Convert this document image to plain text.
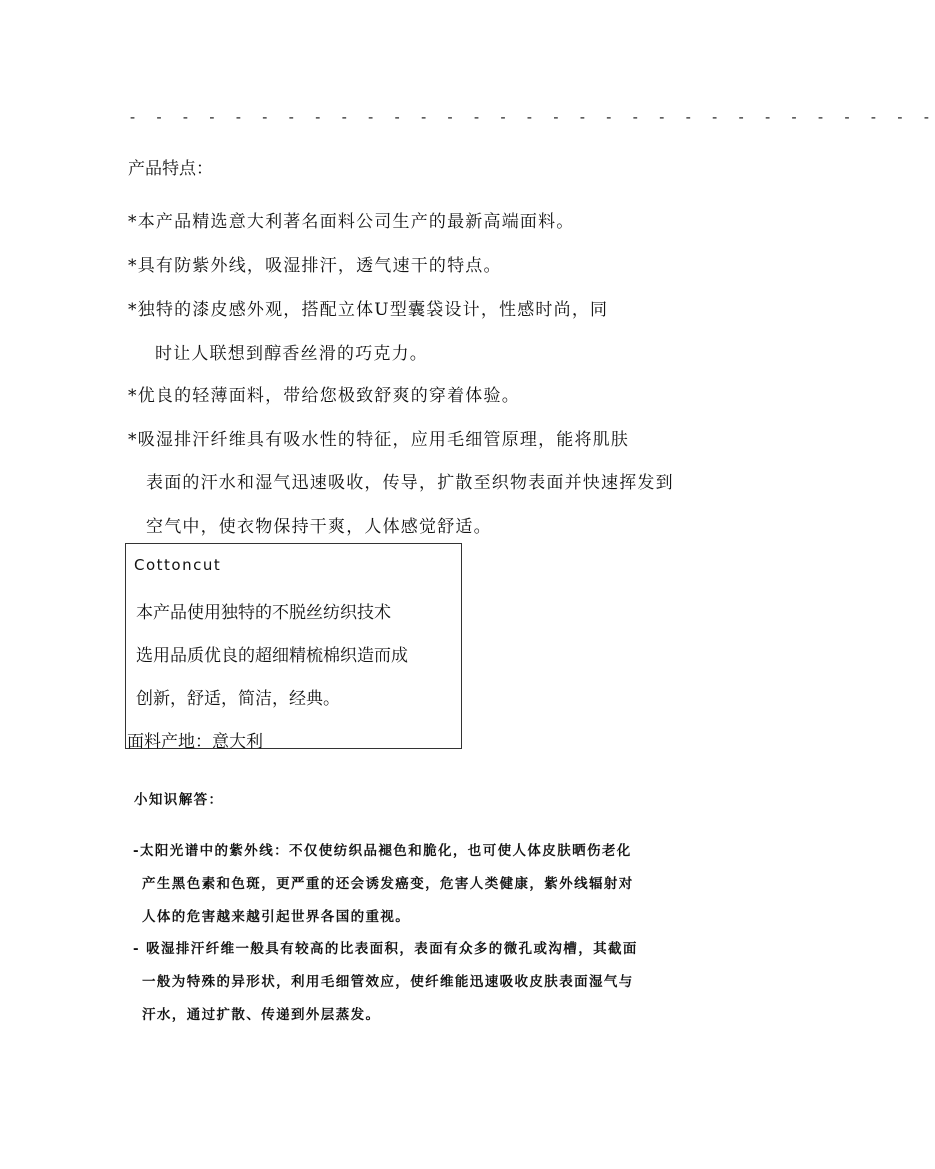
- - - - - - - - - - - - - - - - - - - - - - - - - - - - - - -
产品特点：
*本产品精选意大利著名面料公司生产的最新高端面料。
*具有防紫外线，吸湿排汗，透气速干的特点。
*独特的漆皮感外观，搭配立体U型囊袋设计，性感时尚，同
时让人联想到醇香丝滑的巧克力。
*优良的轻薄面料，带给您极致舒爽的穿着体验。
*吸湿排汗纤维具有吸水性的特征，应用毛细管原理，能将肌肤
表面的汗水和湿气迅速吸收，传导，扩散至织物表面并快速挥发到
空气中，使衣物保持干爽，人体感觉舒适。
Cottoncut
本产品使用独特的不脱丝纺织技术
选用品质优良的超细精梳棉织造而成
创新，舒适，简洁，经典。
面料产地：意大利
小知识解答：
-太阳光谱中的紫外线：不仅使纺织品褪色和脆化，也可使人体皮肤晒伤老化
产生黑色素和色斑，更严重的还会诱发癌变，危害人类健康，紫外线辐射对
人体的危害越来越引起世界各国的重视。
- 吸湿排汗纤维一般具有较高的比表面积，表面有众多的微孔或沟槽，其截面
一般为特殊的异形状，利用毛细管效应，使纤维能迅速吸收皮肤表面湿气与
汗水，通过扩散、传递到外层蒸发。
